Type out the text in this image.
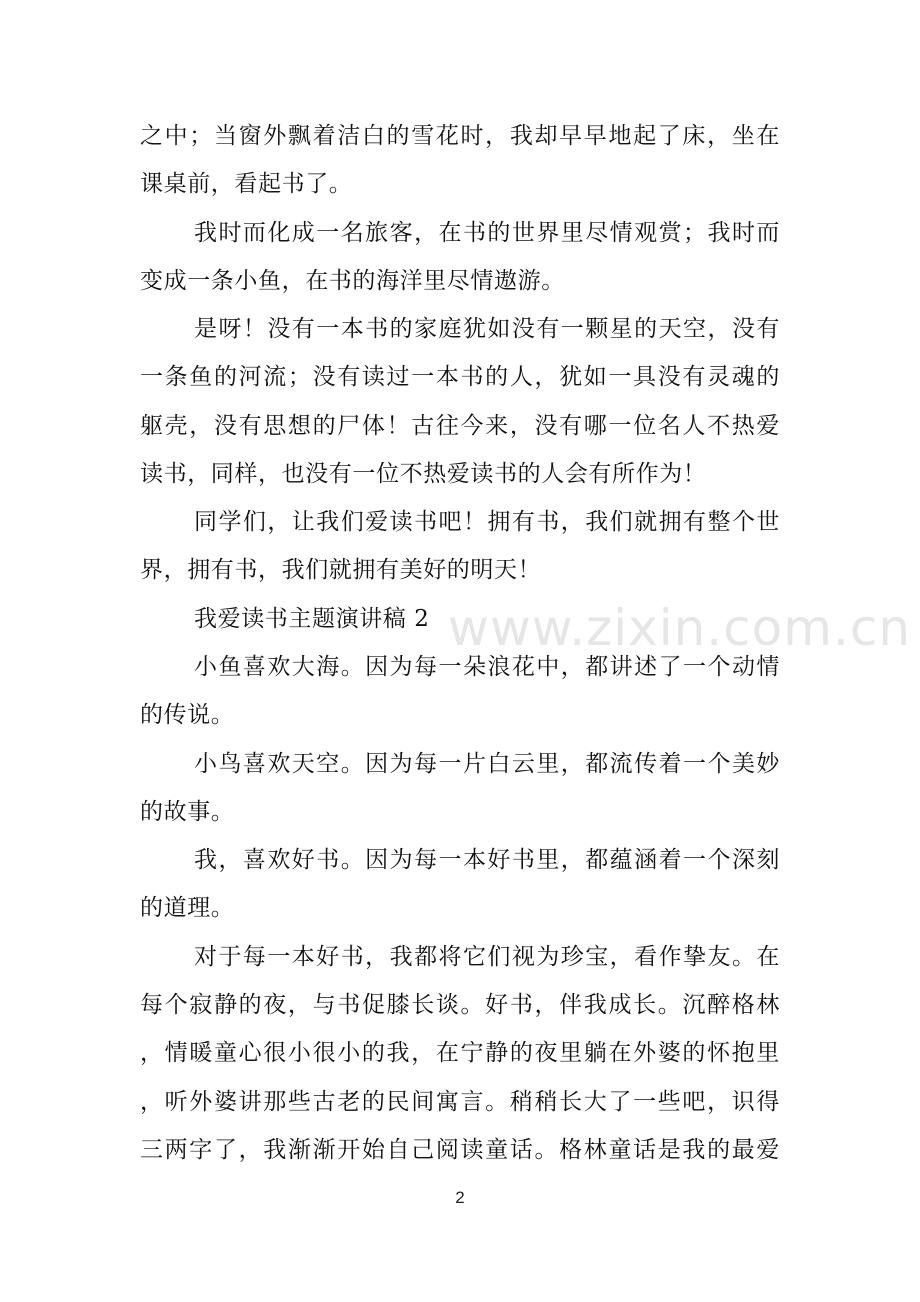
www.zixin.com.cn
之中；当窗外飘着洁白的雪花时，我却早早地起了床，坐在
课桌前，看起书了。
我时而化成一名旅客，在书的世界里尽情观赏；我时而
变成一条小鱼，在书的海洋里尽情遨游。
是呀！没有一本书的家庭犹如没有一颗星的天空，没有
一条鱼的河流；没有读过一本书的人，犹如一具没有灵魂的
躯壳，没有思想的尸体！古往今来，没有哪一位名人不热爱
读书，同样，也没有一位不热爱读书的人会有所作为！
同学们，让我们爱读书吧！拥有书，我们就拥有整个世
界，拥有书，我们就拥有美好的明天！
我爱读书主题演讲稿 2
小鱼喜欢大海。因为每一朵浪花中，都讲述了一个动情
的传说。
小鸟喜欢天空。因为每一片白云里，都流传着一个美妙
的故事。
我，喜欢好书。因为每一本好书里，都蕴涵着一个深刻
的道理。
对于每一本好书，我都将它们视为珍宝，看作挚友。在
每个寂静的夜，与书促膝长谈。好书，伴我成长。沉醉格林
，情暖童心很小很小的我，在宁静的夜里躺在外婆的怀抱里
，听外婆讲那些古老的民间寓言。稍稍长大了一些吧，识得
三两字了，我渐渐开始自己阅读童话。格林童话是我的最爱
2
